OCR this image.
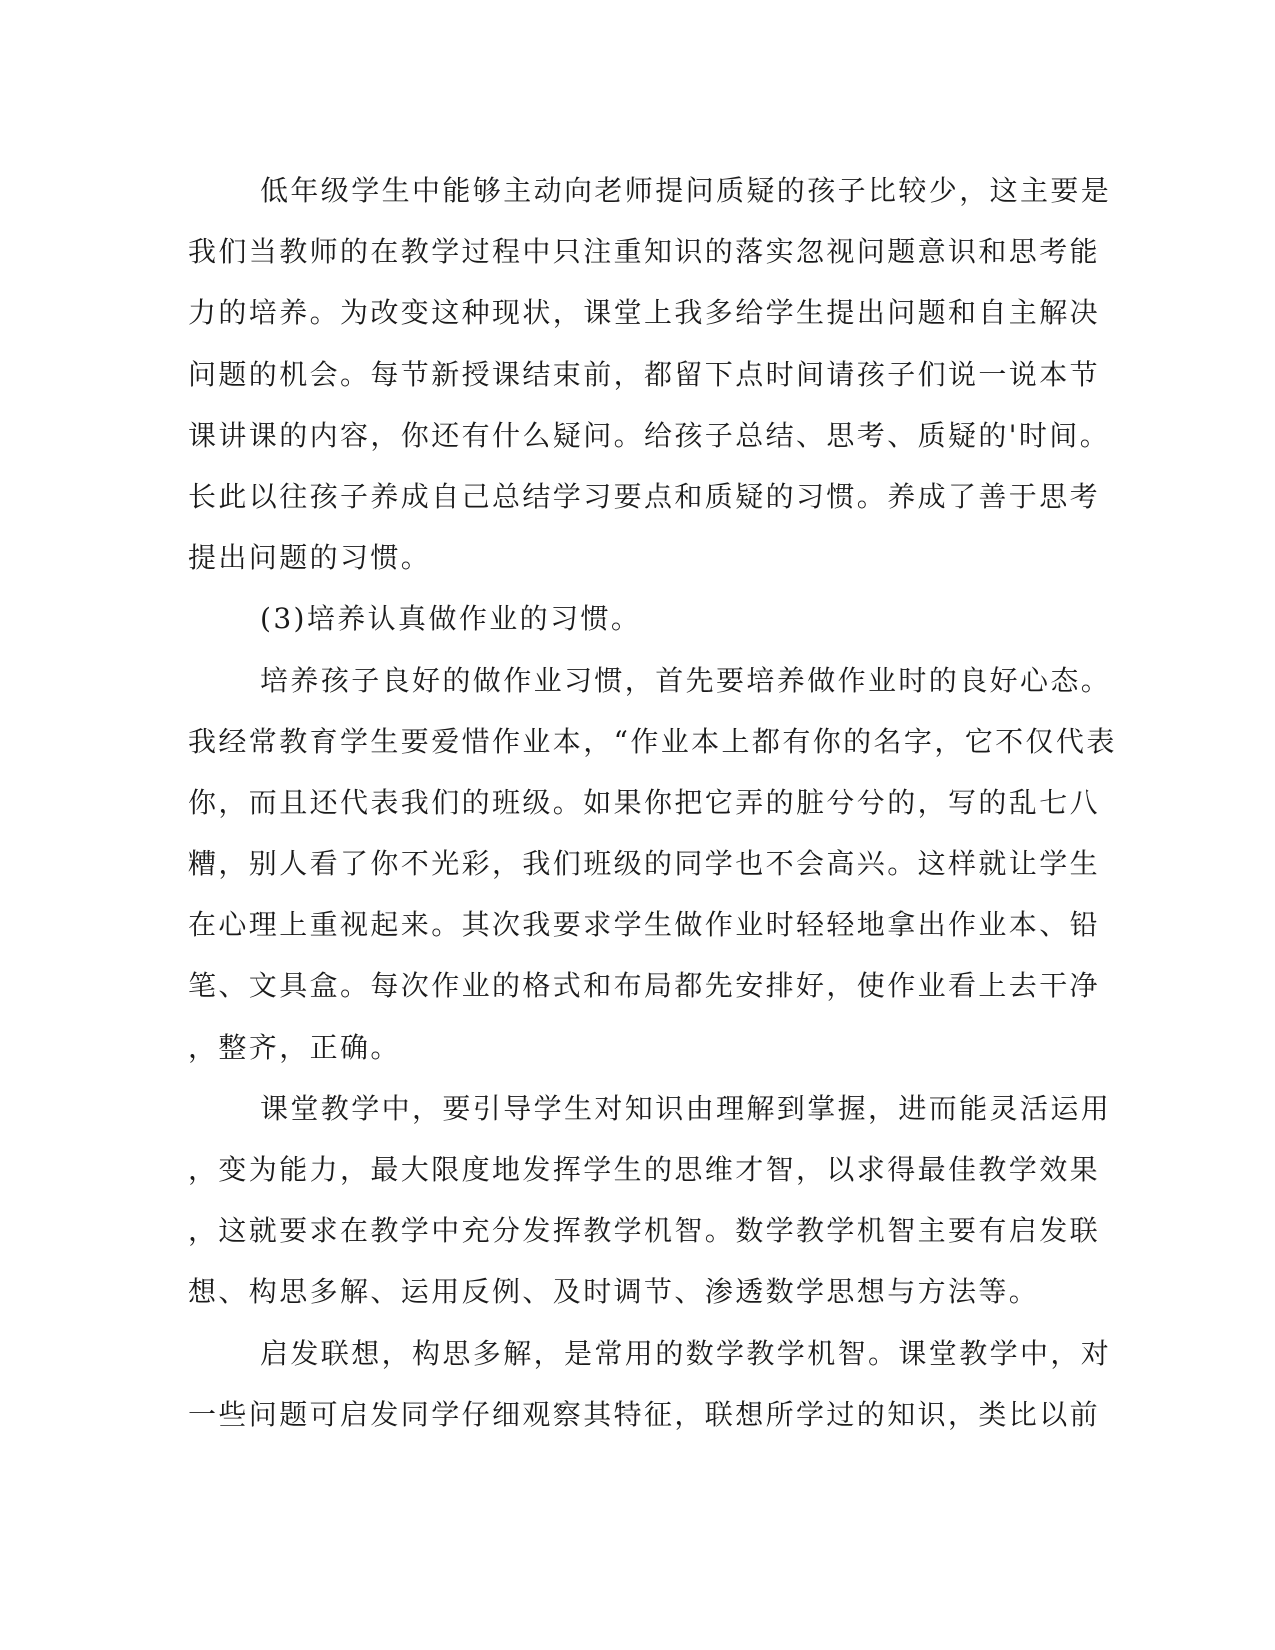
低年级学生中能够主动向老师提问质疑的孩子比较少，这主要是
我们当教师的在教学过程中只注重知识的落实忽视问题意识和思考能
力的培养。为改变这种现状，课堂上我多给学生提出问题和自主解决
问题的机会。每节新授课结束前，都留下点时间请孩子们说一说本节
课讲课的内容，你还有什么疑问。给孩子总结、思考、质疑的'时间。
长此以往孩子养成自己总结学习要点和质疑的习惯。养成了善于思考
提出问题的习惯。
(3)培养认真做作业的习惯。
培养孩子良好的做作业习惯，首先要培养做作业时的良好心态。
我经常教育学生要爱惜作业本，“作业本上都有你的名字，它不仅代表
你，而且还代表我们的班级。如果你把它弄的脏兮兮的，写的乱七八
糟，别人看了你不光彩，我们班级的同学也不会高兴。这样就让学生
在心理上重视起来。其次我要求学生做作业时轻轻地拿出作业本、铅
笔、文具盒。每次作业的格式和布局都先安排好，使作业看上去干净
，整齐，正确。
课堂教学中，要引导学生对知识由理解到掌握，进而能灵活运用
，变为能力，最大限度地发挥学生的思维才智，以求得最佳教学效果
，这就要求在教学中充分发挥教学机智。数学教学机智主要有启发联
想、构思多解、运用反例、及时调节、渗透数学思想与方法等。
启发联想，构思多解，是常用的数学教学机智。课堂教学中，对
一些问题可启发同学仔细观察其特征，联想所学过的知识，类比以前
